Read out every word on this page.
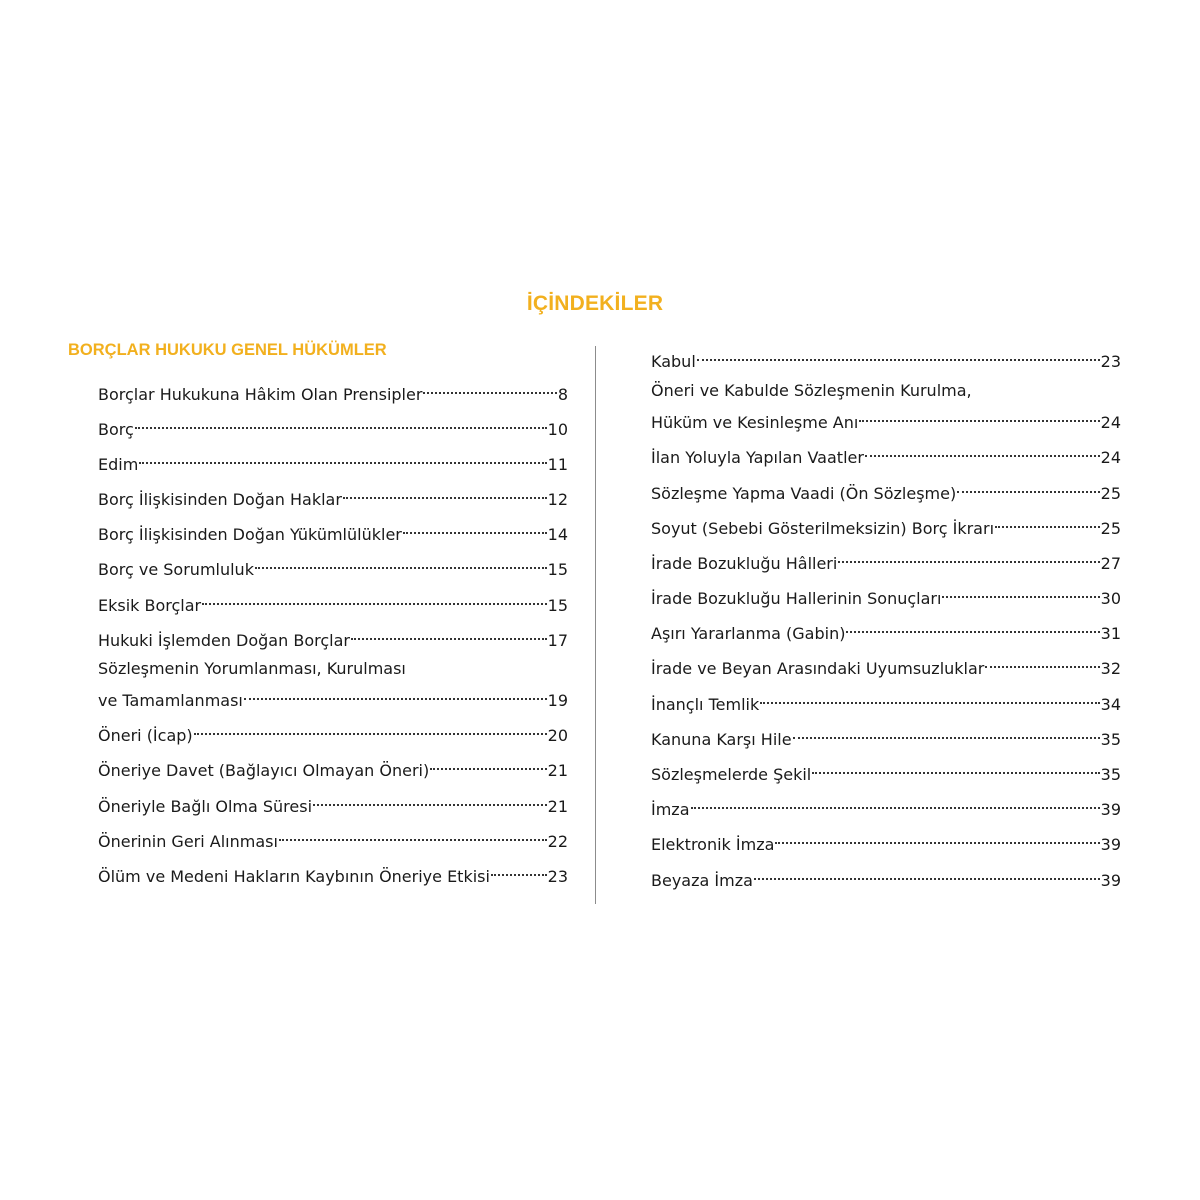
İÇİNDEKİLER
BORÇLAR HUKUKU GENEL HÜKÜMLER
Borçlar Hukukuna Hâkim Olan Prensipler	8
Borç	10
Edim	11
Borç İlişkisinden Doğan Haklar	12
Borç İlişkisinden Doğan Yükümlülükler	14
Borç ve Sorumluluk	15
Eksik Borçlar	15
Hukuki İşlemden Doğan Borçlar	17
Sözleşmenin Yorumlanması, Kurulması
ve Tamamlanması	19
Öneri (İcap)	20
Öneriye Davet (Bağlayıcı Olmayan Öneri)	21
Öneriyle Bağlı Olma Süresi	21
Önerinin Geri Alınması	22
Ölüm ve Medeni Hakların Kaybının Öneriye Etkisi	23
Kabul	23
Öneri ve Kabulde Sözleşmenin Kurulma,
Hüküm ve Kesinleşme Anı	24
İlan Yoluyla Yapılan Vaatler	24
Sözleşme Yapma Vaadi (Ön Sözleşme)	25
Soyut (Sebebi Gösterilmeksizin) Borç İkrarı	25
İrade Bozukluğu Hâlleri	27
İrade Bozukluğu Hallerinin Sonuçları	30
Aşırı Yararlanma (Gabin)	31
İrade ve Beyan Arasındaki Uyumsuzluklar	32
İnançlı Temlik	34
Kanuna Karşı Hile	35
Sözleşmelerde Şekil	35
İmza	39
Elektronik İmza	39
Beyaza İmza	39
